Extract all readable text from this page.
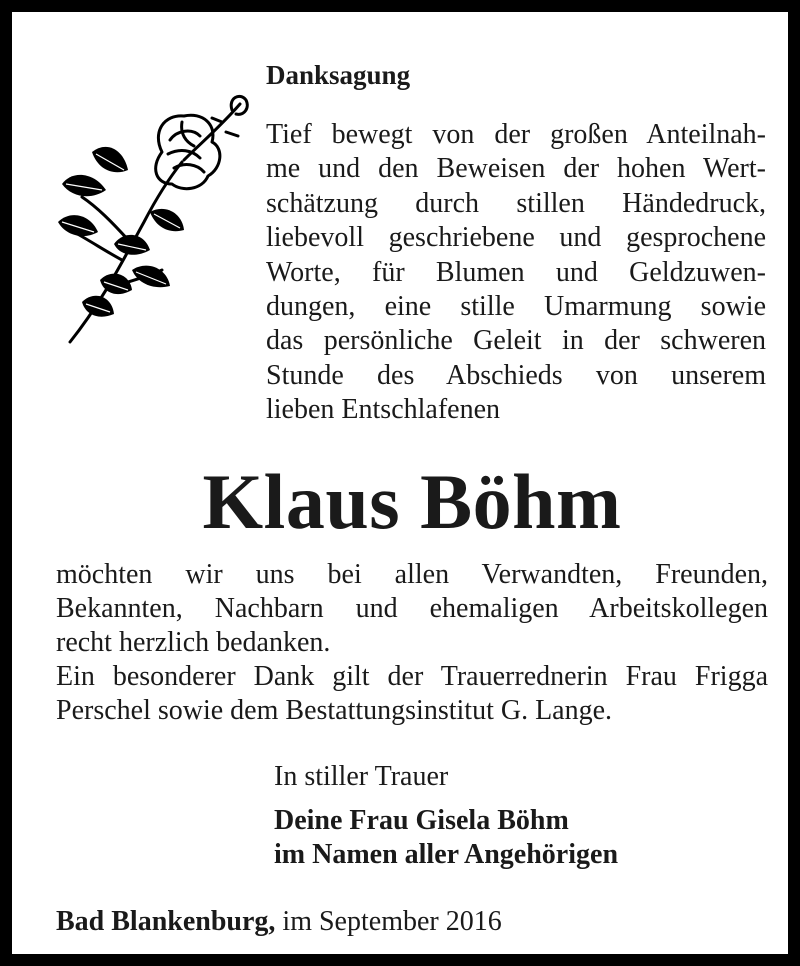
Danksagung

Tief bewegt von der großen Anteilnah-
me und den Beweisen der hohen Wert-
schätzung durch stillen Händedruck,
liebevoll geschriebene und gesprochene
Worte, für Blumen und Geldzuwen-
dungen, eine stille Umarmung sowie
das persönliche Geleit in der schweren
Stunde des Abschieds von unserem
lieben Entschlafenen

Klaus Böhm

möchten wir uns bei allen Verwandten, Freunden,
Bekannten, Nachbarn und ehemaligen Arbeitskollegen
recht herzlich bedanken.
Ein besonderer Dank gilt der Trauerrednerin Frau Frigga
Perschel sowie dem Bestattungsinstitut G. Lange.

In stiller Trauer

Deine Frau Gisela Böhm
im Namen aller Angehörigen

Bad Blankenburg, im September 2016
